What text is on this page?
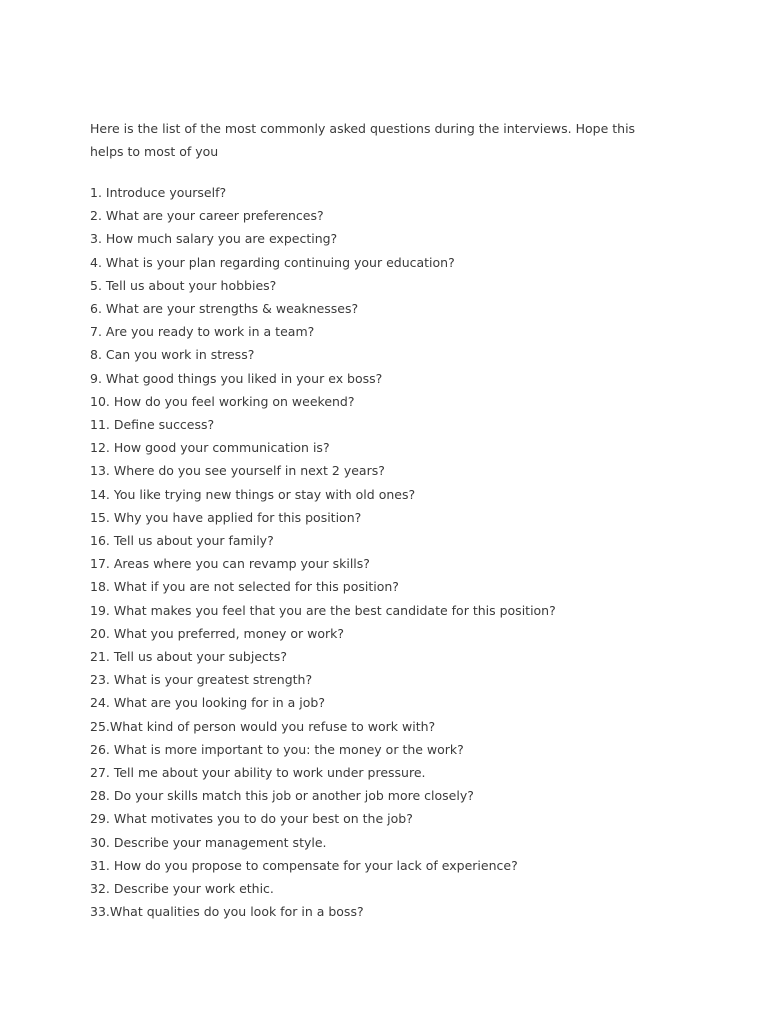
Here is the list of the most commonly asked questions during the interviews. Hope this
helps to most of you

1. Introduce yourself?
2. What are your career preferences?
3. How much salary you are expecting?
4. What is your plan regarding continuing your education?
5. Tell us about your hobbies?
6. What are your strengths & weaknesses?
7. Are you ready to work in a team?
8. Can you work in stress?
9. What good things you liked in your ex boss?
10. How do you feel working on weekend?
11. Define success?
12. How good your communication is?
13. Where do you see yourself in next 2 years?
14. You like trying new things or stay with old ones?
15. Why you have applied for this position?
16. Tell us about your family?
17. Areas where you can revamp your skills?
18. What if you are not selected for this position?
19. What makes you feel that you are the best candidate for this position?
20. What you preferred, money or work?
21. Tell us about your subjects?
23. What is your greatest strength?
24. What are you looking for in a job?
25.What kind of person would you refuse to work with?
26. What is more important to you: the money or the work?
27. Tell me about your ability to work under pressure.
28. Do your skills match this job or another job more closely?
29. What motivates you to do your best on the job?
30. Describe your management style.
31. How do you propose to compensate for your lack of experience?
32. Describe your work ethic.
33.What qualities do you look for in a boss?
